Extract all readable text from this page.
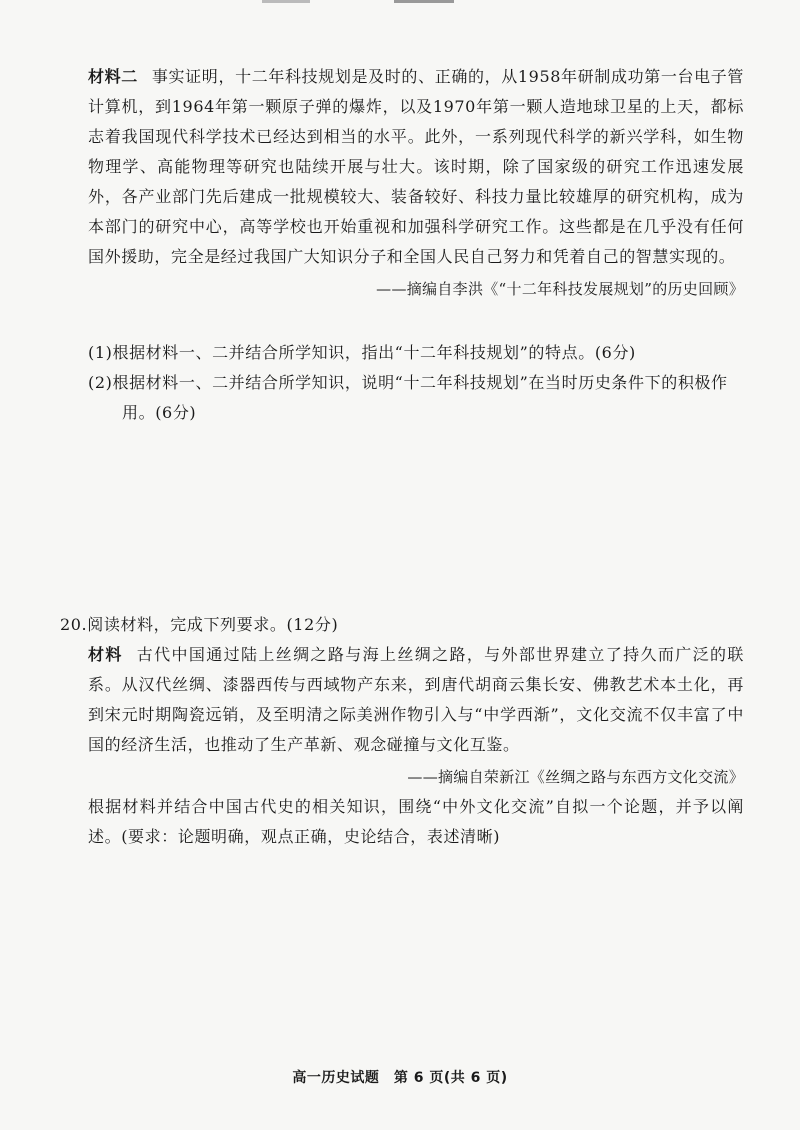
材料二 事实证明，十二年科技规划是及时的、正确的，从1958年研制成功第一台电子管计算机，到1964年第一颗原子弹的爆炸，以及1970年第一颗人造地球卫星的上天，都标志着我国现代科学技术已经达到相当的水平。此外，一系列现代科学的新兴学科，如生物物理学、高能物理等研究也陆续开展与壮大。该时期，除了国家级的研究工作迅速发展外，各产业部门先后建成一批规模较大、装备较好、科技力量比较雄厚的研究机构，成为本部门的研究中心，高等学校也开始重视和加强科学研究工作。这些都是在几乎没有任何国外援助，完全是经过我国广大知识分子和全国人民自己努力和凭着自己的智慧实现的。

——摘编自李洪《“十二年科技发展规划”的历史回顾》

(1)根据材料一、二并结合所学知识，指出“十二年科技规划”的特点。(6分)

(2)根据材料一、二并结合所学知识，说明“十二年科技规划”在当时历史条件下的积极作用。(6分)

20.阅读材料，完成下列要求。(12分)

材料 古代中国通过陆上丝绸之路与海上丝绸之路，与外部世界建立了持久而广泛的联系。从汉代丝绸、漆器西传与西域物产东来，到唐代胡商云集长安、佛教艺术本土化，再到宋元时期陶瓷远销，及至明清之际美洲作物引入与“中学西渐”，文化交流不仅丰富了中国的经济生活，也推动了生产革新、观念碰撞与文化互鉴。

——摘编自荣新江《丝绸之路与东西方文化交流》

根据材料并结合中国古代史的相关知识，围绕“中外文化交流”自拟一个论题，并予以阐述。(要求：论题明确，观点正确，史论结合，表述清晰)

高一历史试题　第 6 页(共 6 页)
